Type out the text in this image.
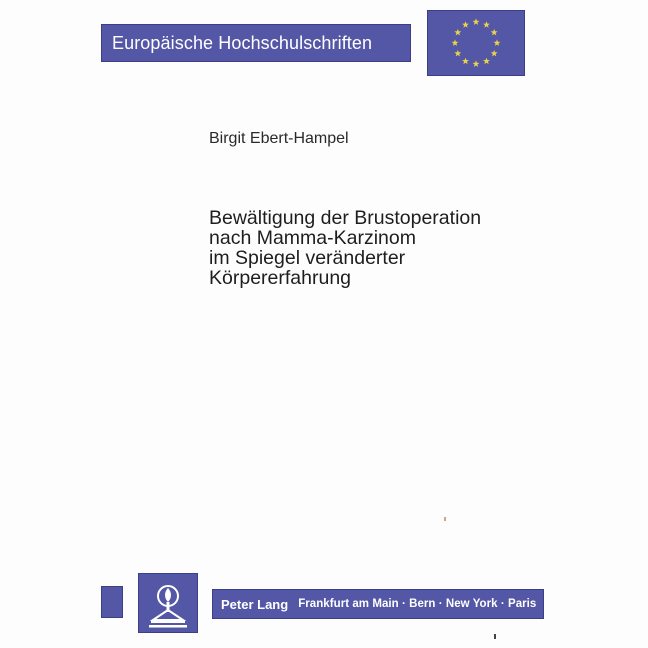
Europäische Hochschulschriften
Birgit Ebert-Hampel
Bewältigung der Brustoperation
nach Mamma-Karzinom
im Spiegel veränderter
Körpererfahrung
Peter Lang Frankfurt am Main · Bern · New York · Paris
